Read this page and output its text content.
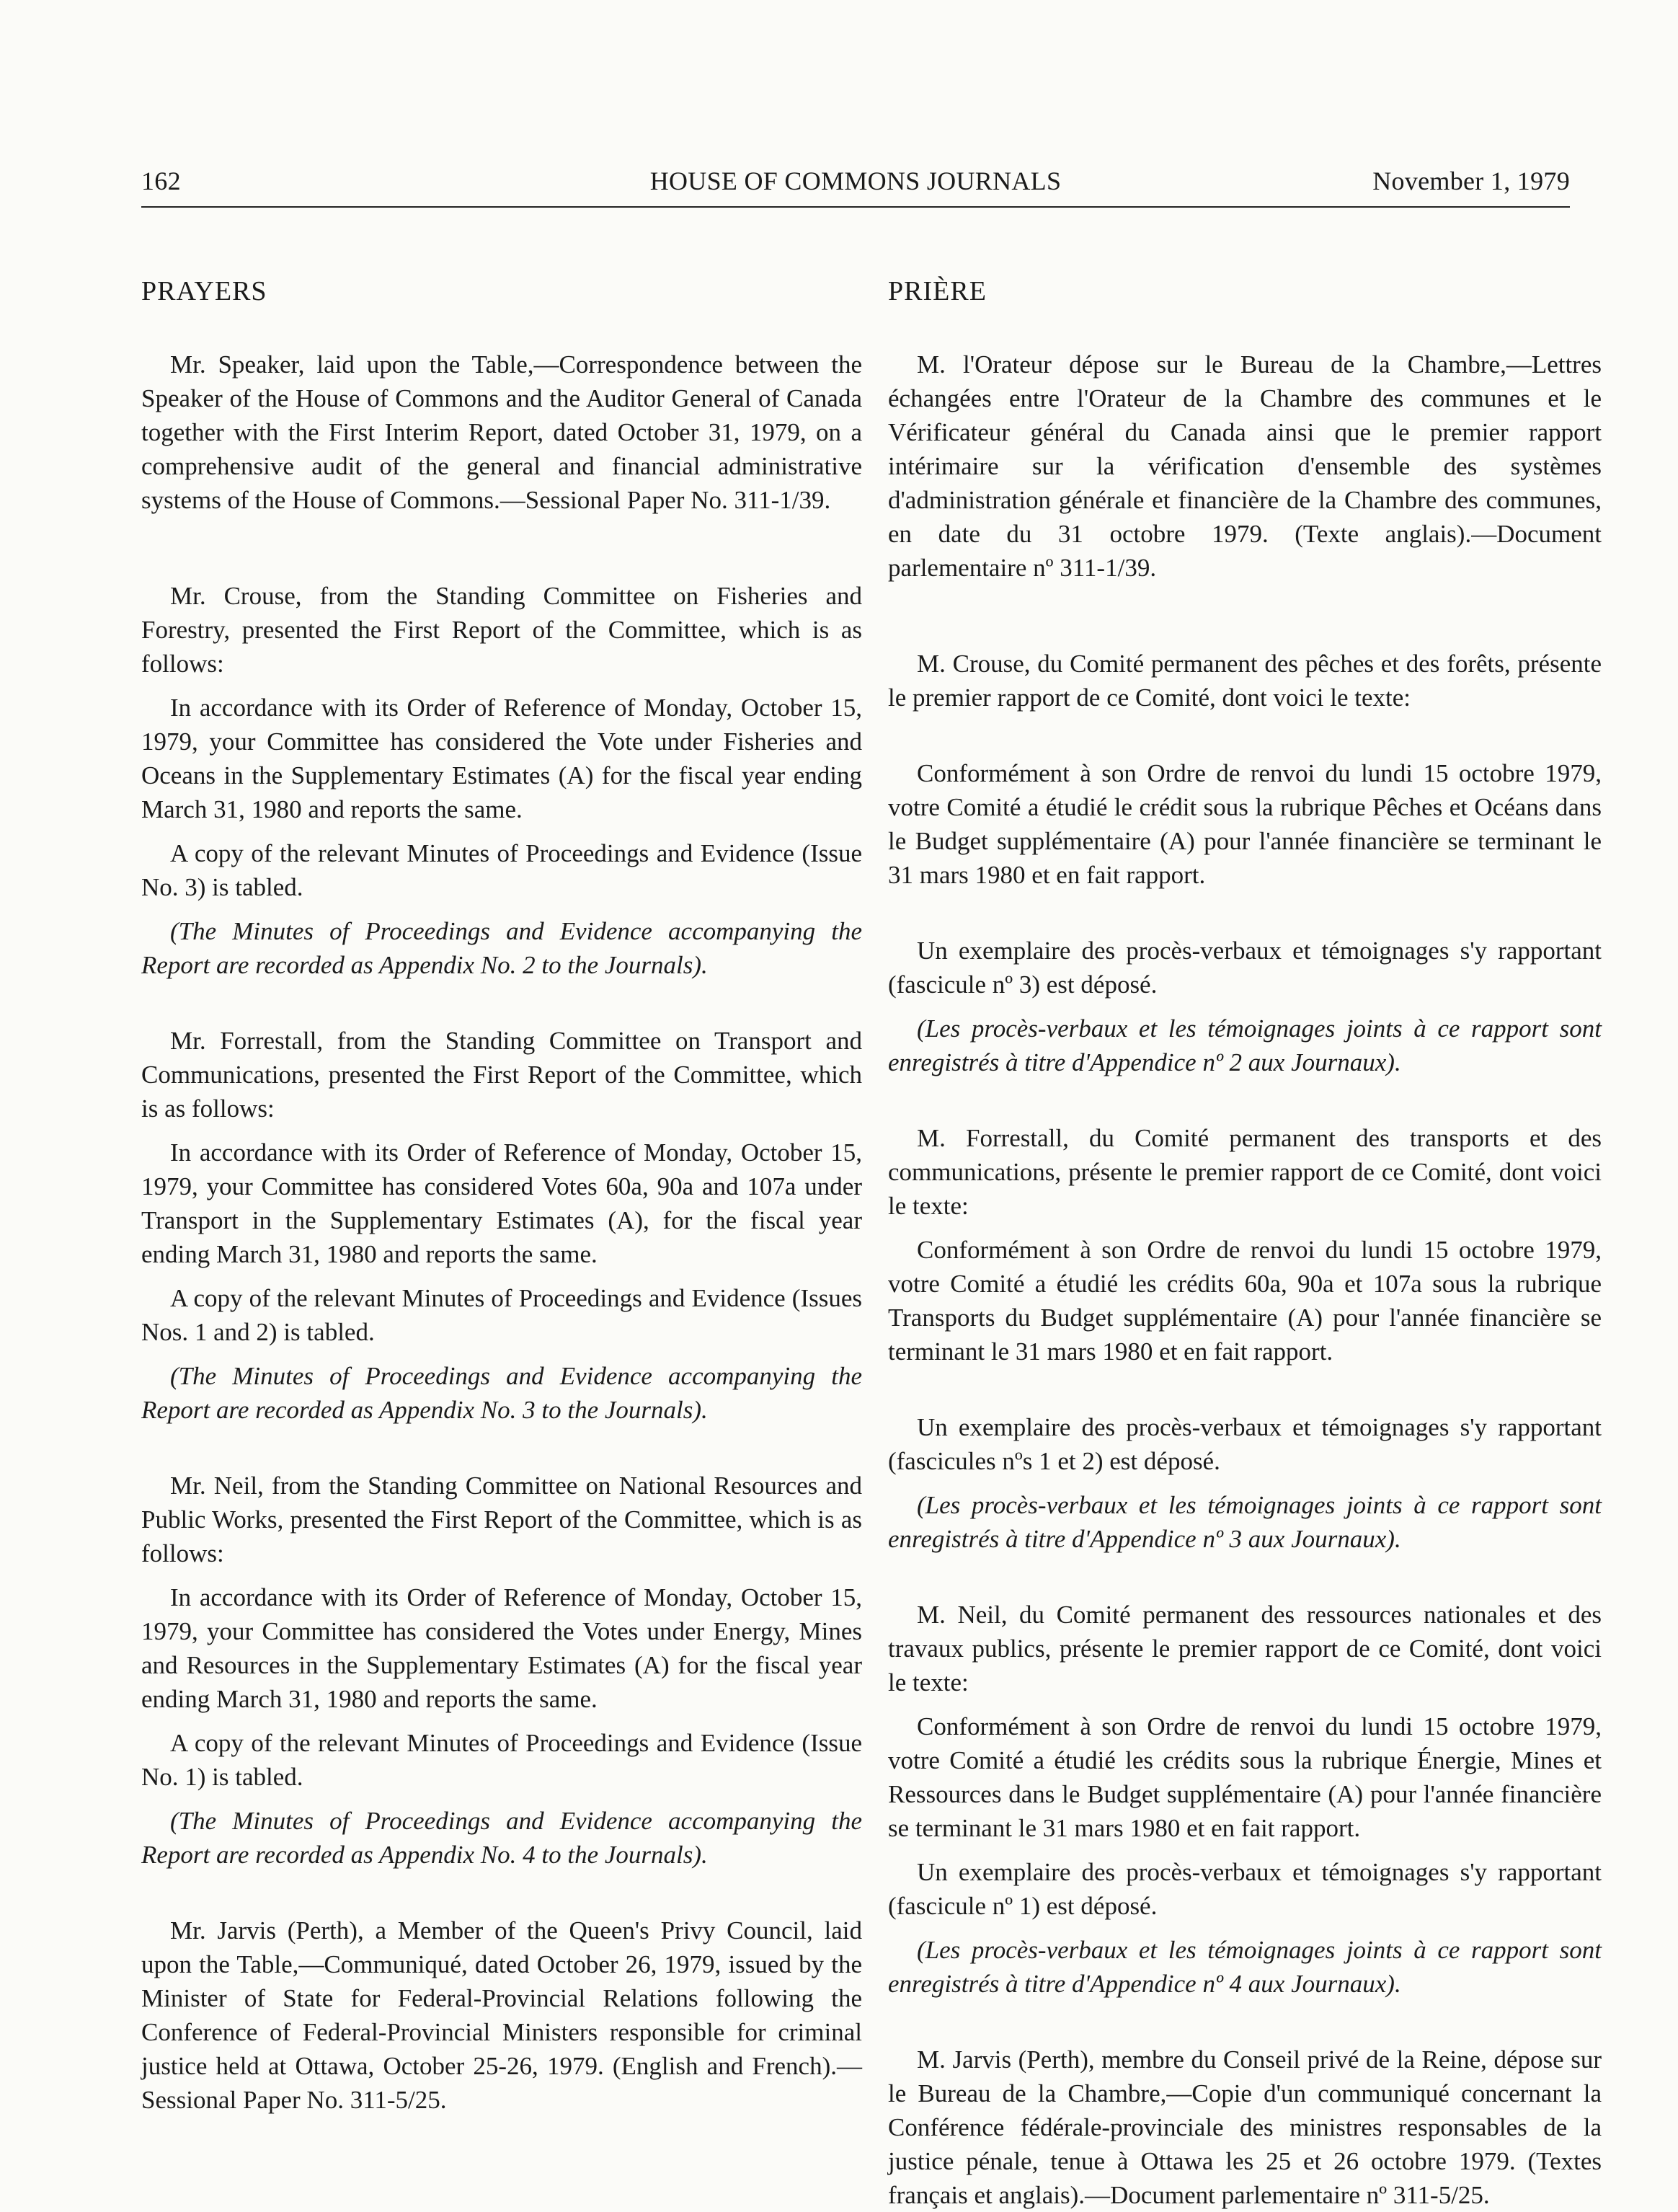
162	HOUSE OF COMMONS JOURNALS	November 1, 1979
PRAYERS

Mr. Speaker, laid upon the Table,—Correspondence between the Speaker of the House of Commons and the Auditor General of Canada together with the First Interim Report, dated October 31, 1979, on a comprehensive audit of the general and financial administrative systems of the House of Commons.—Sessional Paper No. 311-1/39.

Mr. Crouse, from the Standing Committee on Fisheries and Forestry, presented the First Report of the Committee, which is as follows:

In accordance with its Order of Reference of Monday, October 15, 1979, your Committee has considered the Vote under Fisheries and Oceans in the Supplementary Estimates (A) for the fiscal year ending March 31, 1980 and reports the same.

A copy of the relevant Minutes of Proceedings and Evidence (Issue No. 3) is tabled.

(The Minutes of Proceedings and Evidence accompanying the Report are recorded as Appendix No. 2 to the Journals).

Mr. Forrestall, from the Standing Committee on Transport and Communications, presented the First Report of the Committee, which is as follows:

In accordance with its Order of Reference of Monday, October 15, 1979, your Committee has considered Votes 60a, 90a and 107a under Transport in the Supplementary Estimates (A), for the fiscal year ending March 31, 1980 and reports the same.

A copy of the relevant Minutes of Proceedings and Evidence (Issues Nos. 1 and 2) is tabled.

(The Minutes of Proceedings and Evidence accompanying the Report are recorded as Appendix No. 3 to the Journals).

Mr. Neil, from the Standing Committee on National Resources and Public Works, presented the First Report of the Committee, which is as follows:

In accordance with its Order of Reference of Monday, October 15, 1979, your Committee has considered the Votes under Energy, Mines and Resources in the Supplementary Estimates (A) for the fiscal year ending March 31, 1980 and reports the same.

A copy of the relevant Minutes of Proceedings and Evidence (Issue No. 1) is tabled.

(The Minutes of Proceedings and Evidence accompanying the Report are recorded as Appendix No. 4 to the Journals).

Mr. Jarvis (Perth), a Member of the Queen's Privy Council, laid upon the Table,—Communiqué, dated October 26, 1979, issued by the Minister of State for Federal-Provincial Relations following the Conference of Federal-Provincial Ministers responsible for criminal justice held at Ottawa, October 25-26, 1979. (English and French).—Sessional Paper No. 311-5/25.

PRIÈRE

M. l'Orateur dépose sur le Bureau de la Chambre,—Lettres échangées entre l'Orateur de la Chambre des communes et le Vérificateur général du Canada ainsi que le premier rapport intérimaire sur la vérification d'ensemble des systèmes d'administration générale et financière de la Chambre des communes, en date du 31 octobre 1979. (Texte anglais).—Document parlementaire nº 311-1/39.

M. Crouse, du Comité permanent des pêches et des forêts, présente le premier rapport de ce Comité, dont voici le texte:

Conformément à son Ordre de renvoi du lundi 15 octobre 1979, votre Comité a étudié le crédit sous la rubrique Pêches et Océans dans le Budget supplémentaire (A) pour l'année financière se terminant le 31 mars 1980 et en fait rapport.

Un exemplaire des procès-verbaux et témoignages s'y rapportant (fascicule nº 3) est déposé.

(Les procès-verbaux et les témoignages joints à ce rapport sont enregistrés à titre d'Appendice nº 2 aux Journaux).

M. Forrestall, du Comité permanent des transports et des communications, présente le premier rapport de ce Comité, dont voici le texte:

Conformément à son Ordre de renvoi du lundi 15 octobre 1979, votre Comité a étudié les crédits 60a, 90a et 107a sous la rubrique Transports du Budget supplémentaire (A) pour l'année financière se terminant le 31 mars 1980 et en fait rapport.

Un exemplaire des procès-verbaux et témoignages s'y rapportant (fascicules nºs 1 et 2) est déposé.

(Les procès-verbaux et les témoignages joints à ce rapport sont enregistrés à titre d'Appendice nº 3 aux Journaux).

M. Neil, du Comité permanent des ressources nationales et des travaux publics, présente le premier rapport de ce Comité, dont voici le texte:

Conformément à son Ordre de renvoi du lundi 15 octobre 1979, votre Comité a étudié les crédits sous la rubrique Énergie, Mines et Ressources dans le Budget supplémentaire (A) pour l'année financière se terminant le 31 mars 1980 et en fait rapport.

Un exemplaire des procès-verbaux et témoignages s'y rapportant (fascicule nº 1) est déposé.

(Les procès-verbaux et les témoignages joints à ce rapport sont enregistrés à titre d'Appendice nº 4 aux Journaux).

M. Jarvis (Perth), membre du Conseil privé de la Reine, dépose sur le Bureau de la Chambre,—Copie d'un communiqué concernant la Conférence fédérale-provinciale des ministres responsables de la justice pénale, tenue à Ottawa les 25 et 26 octobre 1979. (Textes français et anglais).—Document parlementaire nº 311-5/25.
